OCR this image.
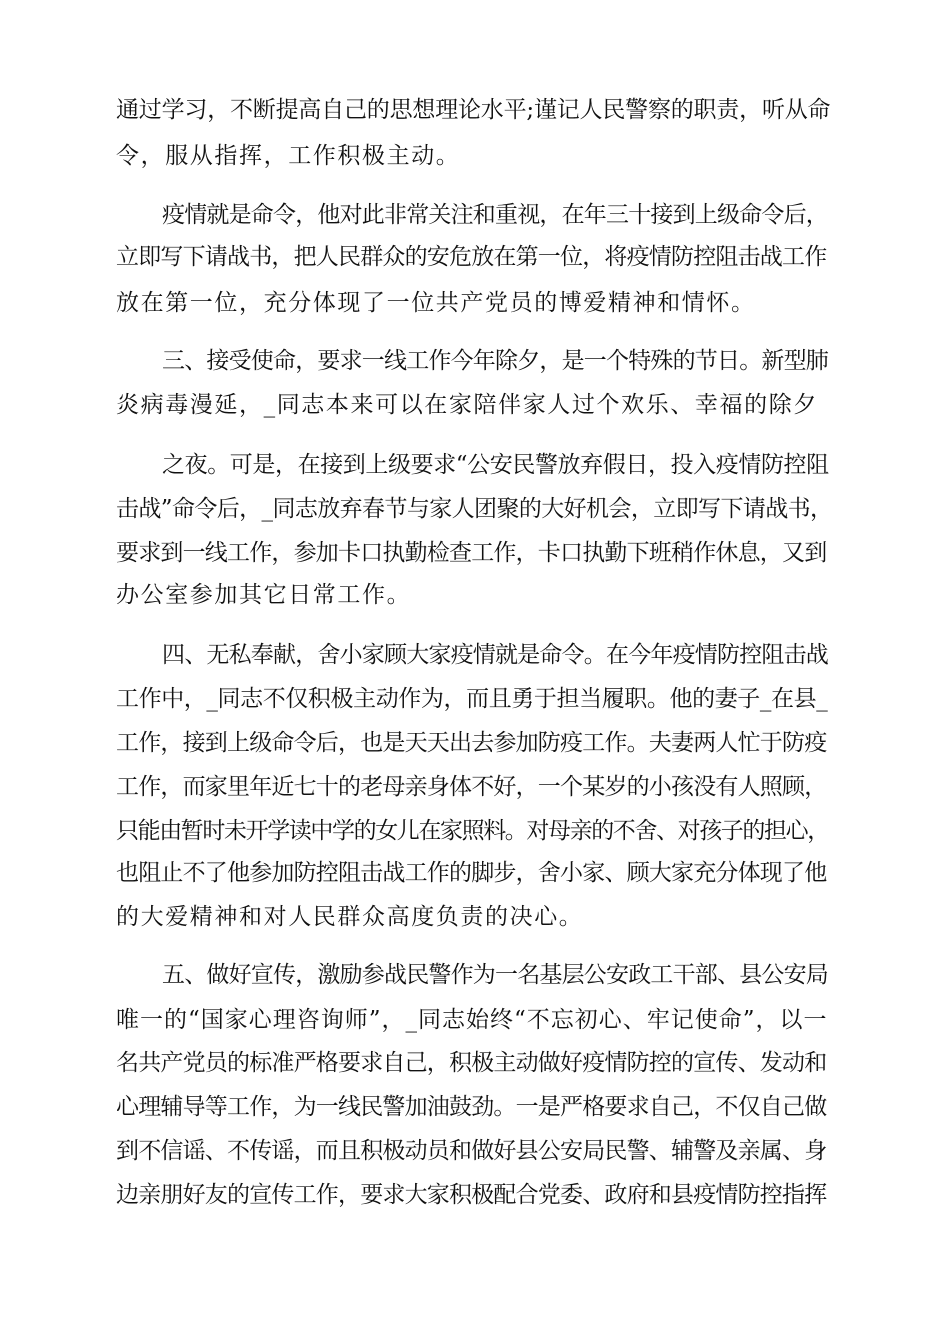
通过学习，不断提高自己的思想理论水平;谨记人民警察的职责，听从命
令，服从指挥，工作积极主动。
疫情就是命令，他对此非常关注和重视，在年三十接到上级命令后，
立即写下请战书，把人民群众的安危放在第一位，将疫情防控阻击战工作
放在第一位，充分体现了一位共产党员的博爱精神和情怀。
三、接受使命，要求一线工作今年除夕，是一个特殊的节日。新型肺
炎病毒漫延，_同志本来可以在家陪伴家人过个欢乐、幸福的除夕
之夜。可是，在接到上级要求“公安民警放弃假日，投入疫情防控阻
击战”命令后，_同志放弃春节与家人团聚的大好机会，立即写下请战书，
要求到一线工作，参加卡口执勤检查工作，卡口执勤下班稍作休息，又到
办公室参加其它日常工作。
四、无私奉献，舍小家顾大家疫情就是命令。在今年疫情防控阻击战
工作中，_同志不仅积极主动作为，而且勇于担当履职。他的妻子_在县_
工作，接到上级命令后，也是天天出去参加防疫工作。夫妻两人忙于防疫
工作，而家里年近七十的老母亲身体不好，一个某岁的小孩没有人照顾，
只能由暂时未开学读中学的女儿在家照料。对母亲的不舍、对孩子的担心，
也阻止不了他参加防控阻击战工作的脚步，舍小家、顾大家充分体现了他
的大爱精神和对人民群众高度负责的决心。
五、做好宣传，激励参战民警作为一名基层公安政工干部、县公安局
唯一的“国家心理咨询师”，_同志始终“不忘初心、牢记使命”，以一
名共产党员的标准严格要求自己，积极主动做好疫情防控的宣传、发动和
心理辅导等工作，为一线民警加油鼓劲。一是严格要求自己，不仅自己做
到不信谣、不传谣，而且积极动员和做好县公安局民警、辅警及亲属、身
边亲朋好友的宣传工作，要求大家积极配合党委、政府和县疫情防控指挥
